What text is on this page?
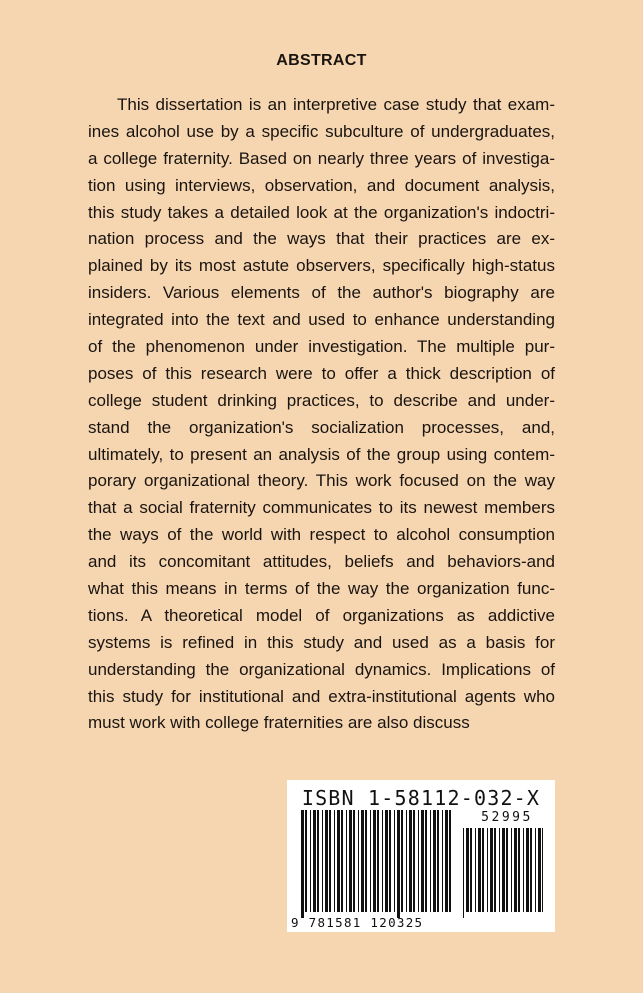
ABSTRACT
This dissertation is an interpretive case study that exam-
ines alcohol use by a specific subculture of undergraduates,
a college fraternity. Based on nearly three years of investiga-
tion using interviews, observation, and document analysis,
this study takes a detailed look at the organization's indoctri-
nation process and the ways that their practices are ex-
plained by its most astute observers, specifically high-status
insiders. Various elements of the author's biography are
integrated into the text and used to enhance understanding
of the phenomenon under investigation. The multiple pur-
poses of this research were to offer a thick description of
college student drinking practices, to describe and under-
stand the organization's socialization processes, and,
ultimately, to present an analysis of the group using contem-
porary organizational theory. This work focused on the way
that a social fraternity communicates to its newest members
the ways of the world with respect to alcohol consumption
and its concomitant attitudes, beliefs and behaviors-and
what this means in terms of the way the organization func-
tions. A theoretical model of organizations as addictive
systems is refined in this study and used as a basis for
understanding the organizational dynamics. Implications of
this study for institutional and extra-institutional agents who
must work with college fraternities are also discuss
ISBN 1-58112-032-X
52995
9 781581 120325
